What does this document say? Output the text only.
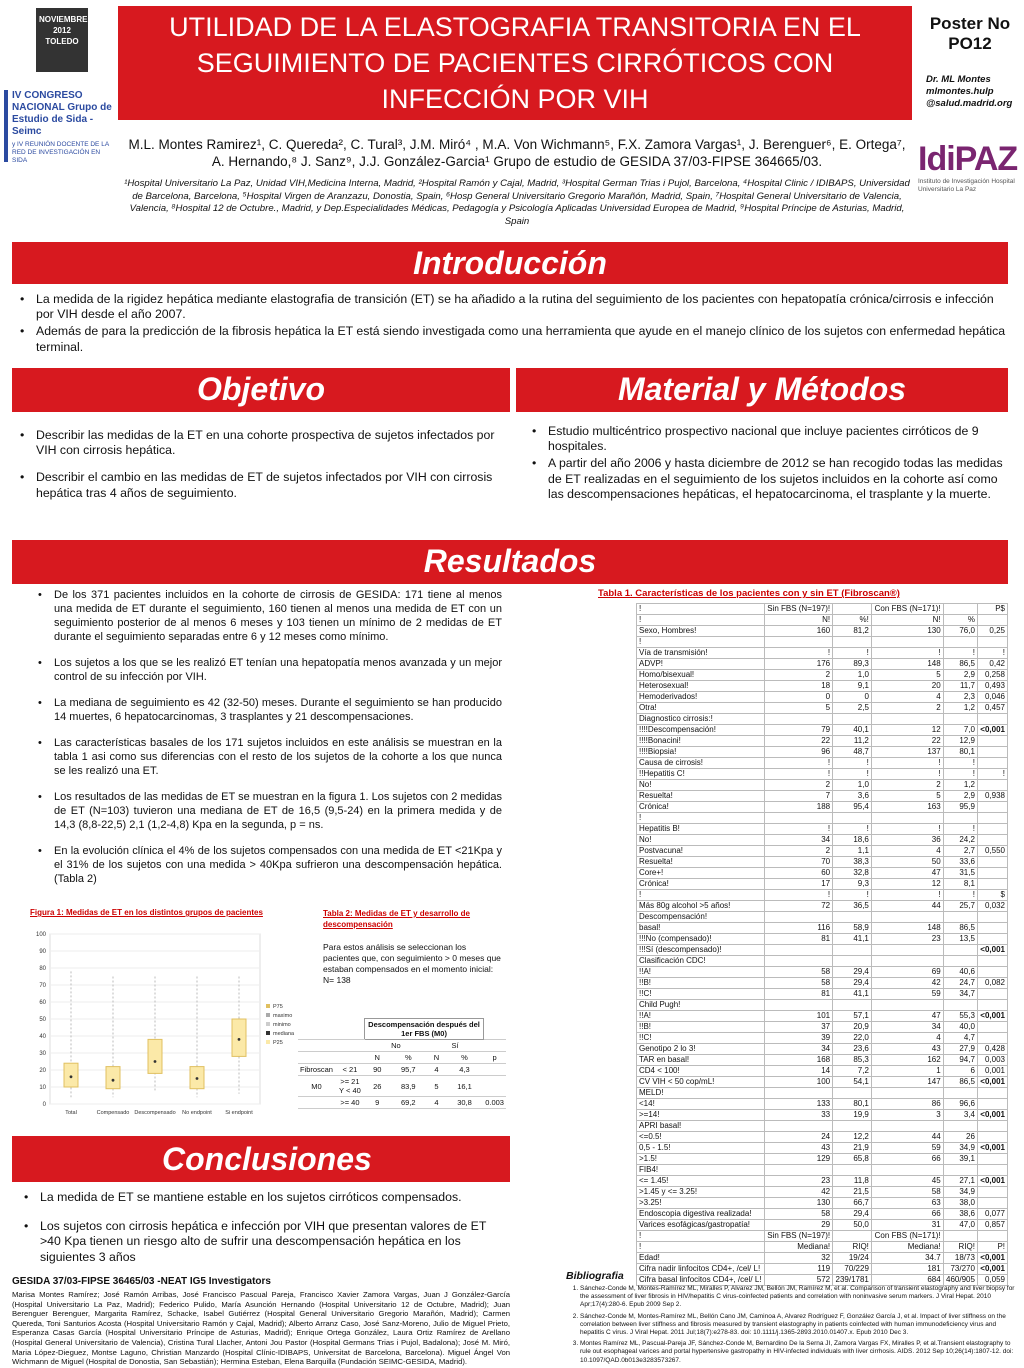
NOVIEMBRE 2012 TOLEDO
IV CONGRESO NACIONAL Grupo de Estudio de Sida - Seimc
y IV REUNIÓN DOCENTE DE LA RED DE INVESTIGACIÓN EN SIDA
UTILIDAD DE LA ELASTOGRAFIA TRANSITORIA EN EL SEGUIMIENTO DE PACIENTES CIRRÓTICOS CON INFECCIÓN POR VIH
Poster No
PO12
Dr. ML Montes mlmontes.hulp @salud.madrid.org
M.L. Montes Ramirez¹, C. Quereda², C. Tural³, J.M. Miró⁴ , M.A. Von Wichmann⁵, F.X. Zamora Vargas¹, J. Berenguer⁶, E. Ortega⁷, A. Hernando,⁸ J. Sanz⁹, J.J. González-Garcia¹ Grupo de estudio de GESIDA 37/03-FIPSE 364665/03.
¹Hospital Universitario La Paz, Unidad VIH,Medicina Interna, Madrid, ²Hospital Ramón y Cajal, Madrid, ³Hospital German Trias i Pujol, Barcelona, ⁴Hospital Clinic / IDIBAPS, Universidad de Barcelona, Barcelona, ⁵Hospital Virgen de Aranzazu, Donostia, Spain, ⁶Hosp General Universitario Gregorio Marañón, Madrid, Spain, ⁷Hospital General Universitario de Valencia, Valencia, ⁸Hospital 12 de Octubre., Madrid, y Dep.Especialidades Médicas, Pedagogía y Psicología Aplicadas Universidad Europea de Madrid, ⁹Hospital Príncipe de Asturias, Madrid, Spain
IdiPAZ
Instituto de Investigación Hospital Universitario La Paz
Introducción
• La medida de la rigidez hepática mediante elastografia de transición (ET) se ha añadido a la rutina del seguimiento de los pacientes con hepatopatía crónica/cirrosis e infección por VIH desde el año 2007.
• Además de para la predicción de la fibrosis hepática la ET está siendo investigada como una herramienta que ayude en el manejo clínico de los sujetos con enfermedad hepática terminal.
Objetivo
• Describir las medidas de la ET en una cohorte prospectiva de sujetos infectados por VIH con cirrosis hepática.
• Describir el cambio en las medidas de ET de sujetos infectados por VIH con cirrosis hepática tras 4 años de seguimiento.
Material y Métodos
• Estudio multicéntrico prospectivo nacional que incluye pacientes cirróticos de 9 hospitales.
• A partir del año 2006 y hasta diciembre de 2012 se han recogido todas las medidas de ET realizadas en el seguimiento de los sujetos incluidos en la cohorte así como las descompensaciones hepáticas, el hepatocarcinoma, el trasplante y la muerte.
Resultados
• De los 371 pacientes incluidos en la cohorte de cirrosis de GESIDA: 171 tiene al menos una medida de ET durante el seguimiento, 160 tienen al menos una medida de ET con un seguimiento posterior de al menos 6 meses y 103 tienen un mínimo de 2 medidas de ET durante el seguimiento separadas entre 6 y 12 meses como mínimo.
• Los sujetos a los que se les realizó ET tenían una hepatopatía menos avanzada y un mejor control de su infección por VIH.
• La mediana de seguimiento es 42 (32-50) meses. Durante el seguimiento se han producido 14 muertes, 6 hepatocarcinomas, 3 trasplantes y 21 descompensaciones.
• Las características basales de los 171 sujetos incluidos en este análisis se muestran en la tabla 1 asi como sus diferencias con el resto de los sujetos de la cohorte a los que nunca se les realizó una ET.
• Los resultados de las medidas de ET se muestran en la figura 1. Los sujetos con 2 medidas de ET (N=103) tuvieron una mediana de ET de 16,5 (9,5-24) en la primera medida y de 14,3 (8,8-22,5) 2,1 (1,2-4,8) Kpa en la segunda, p = ns.
• En la evolución clínica el 4% de los sujetos compensados con una medida de ET <21Kpa y el 31% de los sujetos con una medida > 40Kpa sufrieron una descompensación hepática. (Tabla 2)
Figura 1: Medidas de ET en los distintos grupos de pacientes
0
10
20
30
40
50
60
70
80
90
100
Total	Compensado Descompensado No endpoint Si endpoint
P75
maximo
minimo
mediana
P25
Tabla 2: Medidas de ET y desarrollo de descompensación
Para estos análisis se seleccionan los pacientes que, con seguimiento > 0 meses que estaban compensados en el momento inicial: N= 138
		Descompensación después del 1er FBS (M0)				
		No		Sí		
		N	%	N	%	p
Fibroscan	< 21	90	95,7	4	4,3	
M0	>= 21 Y < 40	26	83,9	5	16,1	
	>= 40	9	69,2	4	30,8	0.003
Tabla 1. Características de los pacientes con y sin ET (Fibroscan®)
!	Sin FBS (N=197)!		Con FBS (N=171)!		P$
!	N!	%!	N!	%	
Sexo, Hombres!	160	81,2	130	76,0	0,25
!					
Vía de transmisión!	!	!	!	!	!
ADVP!	176	89,3	148	86,5	0,42
Homo/bisexual!	2	1,0	5	2,9	0,258
Heterosexual!	18	9,1	20	11,7	0,493
Hemoderivados!	0	0	4	2,3	0,046
Otra!	5	2,5	2	1,2	0,457
Diagnostico cirrosis:!					
!!!!Descompensación!	79	40,1	12	7,0	<0,001
!!!!Bonacini!	22	11,2	22	12,9	
!!!!Biopsia!	96	48,7	137	80,1	
Causa de cirrosis!	!	!	!	!	
!!Hepatitis C!	!	!	!	!	!
No!	2	1,0	2	1,2	
Resuelta!	7	3,6	5	2,9	0,938
Crónica!	188	95,4	163	95,9	
!					
Hepatitis B!	!	!	!	!	
No!	34	18,6	36	24,2	
Postvacuna!	2	1,1	4	2,7	0,550
Resuelta!	70	38,3	50	33,6	
Core+!	60	32,8	47	31,5	
Crónica!	17	9,3	12	8,1	
!	!	!	!	!	$
Más 80g alcohol >5 años!	72	36,5	44	25,7	0,032
Descompensación!					
basal!	116	58,9	148	86,5	
!!!No (compensado)!	81	41,1	23	13,5	
!!!Sí (descompensado)!					<0,001
Clasificación CDC!					
!!A!	58	29,4	69	40,6	
!!B!	58	29,4	42	24,7	0,082
!!C!	81	41,1	59	34,7	
Child Pugh!					
!!A!	101	57,1	47	55,3	<0,001
!!B!	37	20,9	34	40,0	
!!C!	39	22,0	4	4,7	
Genotipo 2 lo 3!	34	23,6	43	27,9	0,428
TAR en basal!	168	85,3	162	94,7	0,003
CD4 < 100!	14	7,2	1	6	0,001
CV VIH < 50 cop/mL!	100	54,1	147	86,5	<0,001
MELD!					
<14!	133	80,1	86	96,6	
>=14!	33	19,9	3	3,4	<0,001
APRI basal!					
<=0.5!	24	12,2	44	26	
0,5 - 1.5!	43	21,9	59	34,9	<0,001
>1.5!	129	65,8	66	39,1	
FIB4!					
<= 1.45!	23	11,8	45	27,1	<0,001
>1.45 y <= 3.25!	42	21,5	58	34,9	
>3.25!	130	66,7	63	38,0	
Endoscopia digestiva realizada!	58	29,4	66	38,6	0,077
Varices esofágicas/gastropatía!	29	50,0	31	47,0	0,857
!	Sin FBS (N=197)!		Con FBS (N=171)!		
!	Mediana!	RIQ!	Mediana!	RIQ!	P!
Edad!	32	19/24	34.7	18/73	<0,001
Cifra nadir linfocitos CD4+, /cel/ L!	119	70/229	181	73/270	<0,001
Cifra basal linfocitos CD4+, /cel/ L!	572	239/1781	684	460/905	0,059
Conclusiones
• La medida de ET se mantiene estable en los sujetos cirróticos compensados.
• Los sujetos con cirrosis hepática e infección por VIH que presentan valores de ET >40 Kpa tienen un riesgo alto de sufrir una descompensación hepática en los siguientes 3 años
GESIDA 37/03-FIPSE 36465/03 -NEAT IG5 Investigators
Marisa Montes Ramírez; José Ramón Arribas, José Francisco Pascual Pareja, Francisco Xavier Zamora Vargas, Juan J González-García (Hospital Universitario La Paz, Madrid); Federico Pulido, María Asunción Hernando (Hospital Universitario 12 de Octubre, Madrid); Juan Berenguer Berenguer, Margarita Ramírez, Schacke, Isabel Gutiérrez (Hospital General Universitario Gregorio Marañón, Madrid); Carmen Quereda, Toni Santurios Acosta (Hospital Universitario Ramón y Cajal, Madrid); Alberto Arranz Caso, José Sanz-Moreno, Julio de Miguel Prieto, Esperanza Casas García (Hospital Universitario Príncipe de Asturias, Madrid); Enrique Ortega González, Laura Ortiz Ramírez de Arellano (Hospital General Universitario de Valencia), Cristina Tural Llacher, Antoni Jou Pastor (Hospital Germans Trias i Pujol, Badalona); José M. Miró, Maria López-Dieguez, Montse Laguno, Christian Manzardo (Hospital Clínic-IDIBAPS, Universitat de Barcelona, Barcelona). Miguel Ángel Von Wichmann de Miguel (Hospital de Donostia, San Sebastián); Hermina Esteban, Elena Barquilla (Fundación SEIMC-GESIDA, Madrid).
Bibliografia
1. Sánchez-Conde M, Montes-Ramírez ML, Miralles P, Alvarez JM, Bellón JM, Ramírez M, et al. Comparison of transient elastography and liver biopsy for the assessment of liver fibrosis in HIV/hepatitis C virus-coinfected patients and correlation with noninvasive serum markers. J Viral Hepat. 2010 Apr;17(4):280-6. Epub 2009 Sep 2.
2. Sánchez-Conde M, Montes-Ramírez ML, Bellón Cano JM, Caminoa A, Alvarez Rodríguez F, González García J, et al. Impact of liver stiffness on the correlation between liver stiffness and fibrosis measured by transient elastography in patients coinfected with human immunodeficiency virus and hepatitis C virus. J Viral Hepat. 2011 Jul;18(7):e278-83. doi: 10.1111/j.1365-2893.2010.01407.x. Epub 2010 Dec 3.
3. Montes Ramírez ML, Pascual-Pareja JF, Sánchez-Conde M, Bernardino De la Serna JI, Zamora Vargas FX, Miralles P, et al.Transient elastography to rule out esophageal varices and portal hypertensive gastropathy in HIV-infected individuals with liver cirrhosis. AIDS. 2012 Sep 10;26(14):1807-12. doi: 10.1097/QAD.0b013e3283573267.
